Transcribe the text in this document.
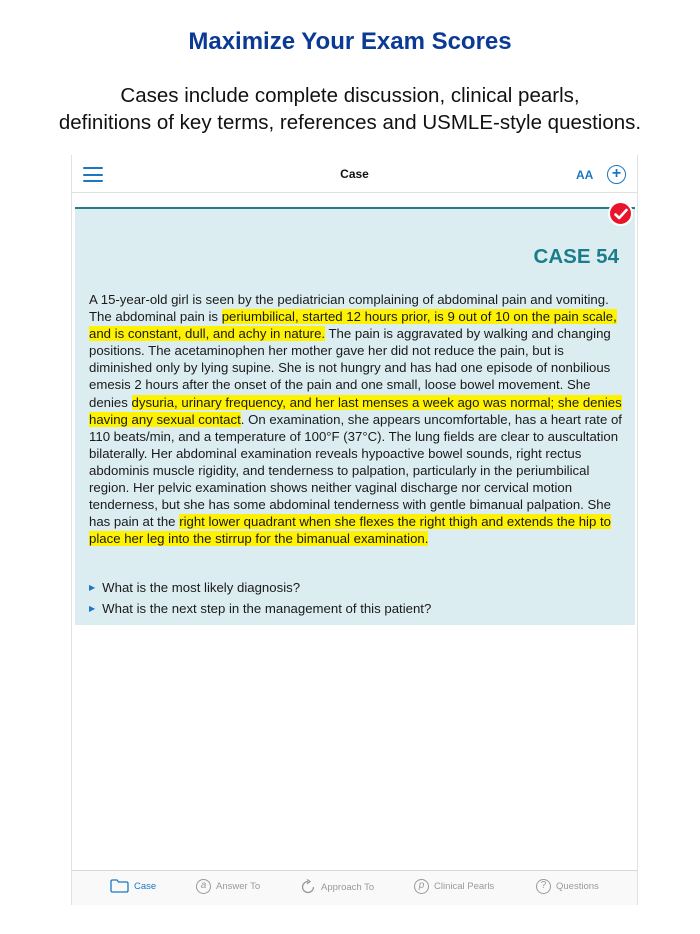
Maximize Your Exam Scores
Cases include complete discussion, clinical pearls,
definitions of key terms, references and USMLE-style questions.
Case	AA	+
CASE 54
A 15-year-old girl is seen by the pediatrician complaining of abdominal pain and vomiting. The abdominal pain is periumbilical, started 12 hours prior, is 9 out of 10 on the pain scale, and is constant, dull, and achy in nature. The pain is aggravated by walking and changing positions. The acetaminophen her mother gave her did not reduce the pain, but is diminished only by lying supine. She is not hungry and has had one episode of nonbilious emesis 2 hours after the onset of the pain and one small, loose bowel movement. She denies dysuria, urinary frequency, and her last menses a week ago was normal; she denies having any sexual contact. On examination, she appears uncomfortable, has a heart rate of 110 beats/min, and a temperature of 100°F (37°C). The lung fields are clear to auscultation bilaterally. Her abdominal examination reveals hypoactive bowel sounds, right rectus abdominis muscle rigidity, and tenderness to palpation, particularly in the periumbilical region. Her pelvic examination shows neither vaginal discharge nor cervical motion tenderness, but she has some abdominal tenderness with gentle bimanual palpation. She has pain at the right lower quadrant when she flexes the right thigh and extends the hip to place her leg into the stirrup for the bimanual examination.
▶ What is the most likely diagnosis?
▶ What is the next step in the management of this patient?
Case	a	Answer To	Approach To	p	Clinical Pearls	?	Questions
